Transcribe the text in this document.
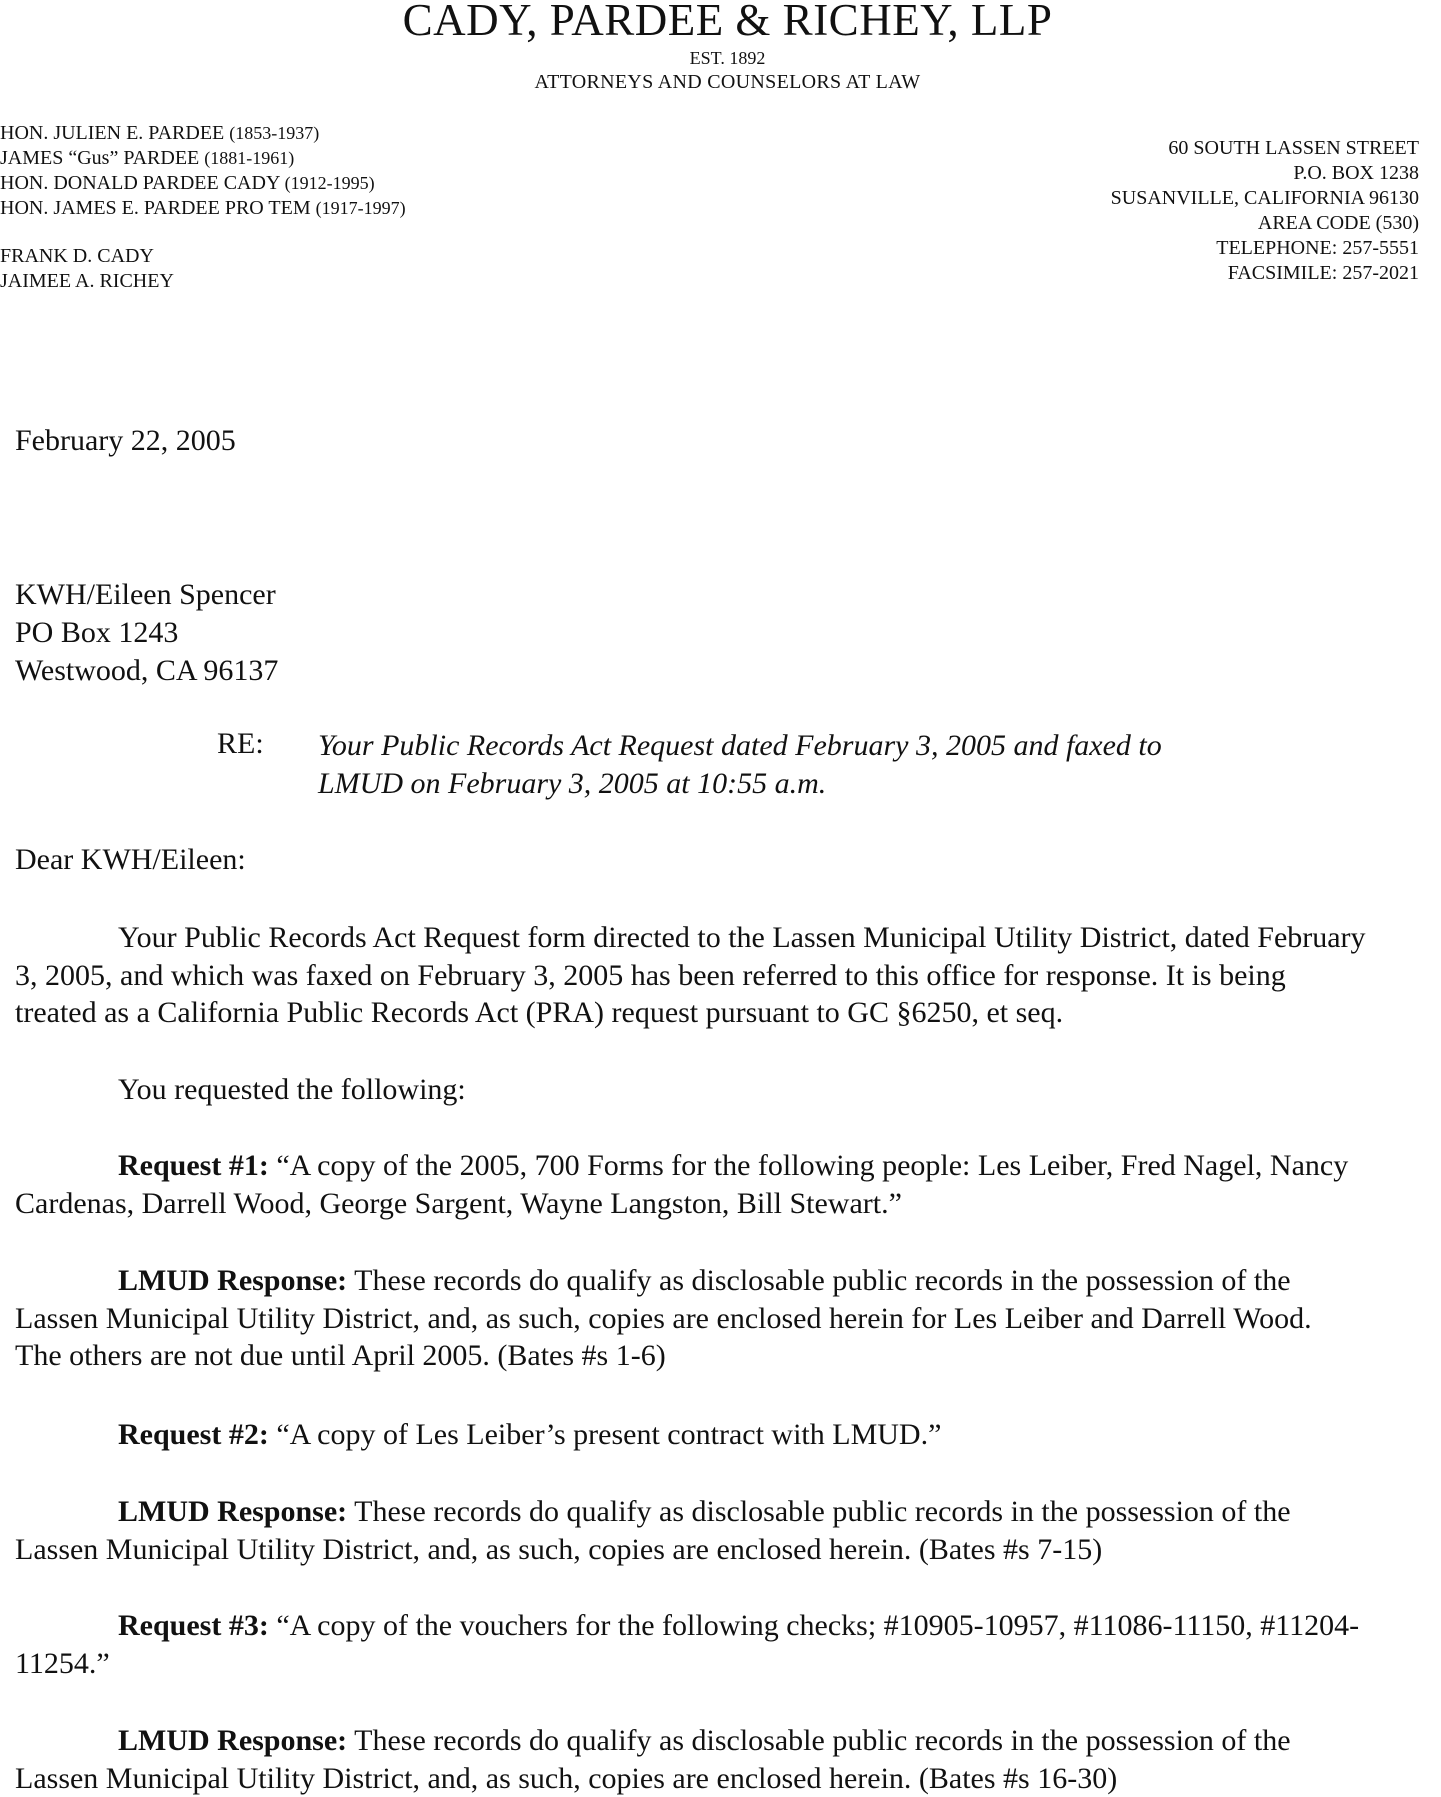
CADY, PARDEE & RICHEY, LLP
EST. 1892
ATTORNEYS AND COUNSELORS AT LAW
HON. JULIEN E. PARDEE (1853-1937)
JAMES “Gus” PARDEE (1881-1961)
HON. DONALD PARDEE CADY (1912-1995)
HON. JAMES E. PARDEE PRO TEM (1917-1997)
FRANK D. CADY
JAIMEE A. RICHEY
60 SOUTH LASSEN STREET
P.O. BOX 1238
SUSANVILLE, CALIFORNIA 96130
AREA CODE (530)
TELEPHONE: 257-5551
FACSIMILE: 257-2021
February 22, 2005
KWH/Eileen Spencer
PO Box 1243
Westwood, CA 96137
RE: Your Public Records Act Request dated February 3, 2005 and faxed to
LMUD on February 3, 2005 at 10:55 a.m.
Dear KWH/Eileen:
Your Public Records Act Request form directed to the Lassen Municipal Utility District, dated February
3, 2005, and which was faxed on February 3, 2005 has been referred to this office for response. It is being
treated as a California Public Records Act (PRA) request pursuant to GC §6250, et seq.
You requested the following:
Request #1: “A copy of the 2005, 700 Forms for the following people: Les Leiber, Fred Nagel, Nancy
Cardenas, Darrell Wood, George Sargent, Wayne Langston, Bill Stewart.”
LMUD Response: These records do qualify as disclosable public records in the possession of the
Lassen Municipal Utility District, and, as such, copies are enclosed herein for Les Leiber and Darrell Wood.
The others are not due until April 2005. (Bates #s 1-6)
Request #2: “A copy of Les Leiber’s present contract with LMUD.”
LMUD Response: These records do qualify as disclosable public records in the possession of the
Lassen Municipal Utility District, and, as such, copies are enclosed herein. (Bates #s 7-15)
Request #3: “A copy of the vouchers for the following checks; #10905-10957, #11086-11150, #11204-
11254.”
LMUD Response: These records do qualify as disclosable public records in the possession of the
Lassen Municipal Utility District, and, as such, copies are enclosed herein. (Bates #s 16-30)
